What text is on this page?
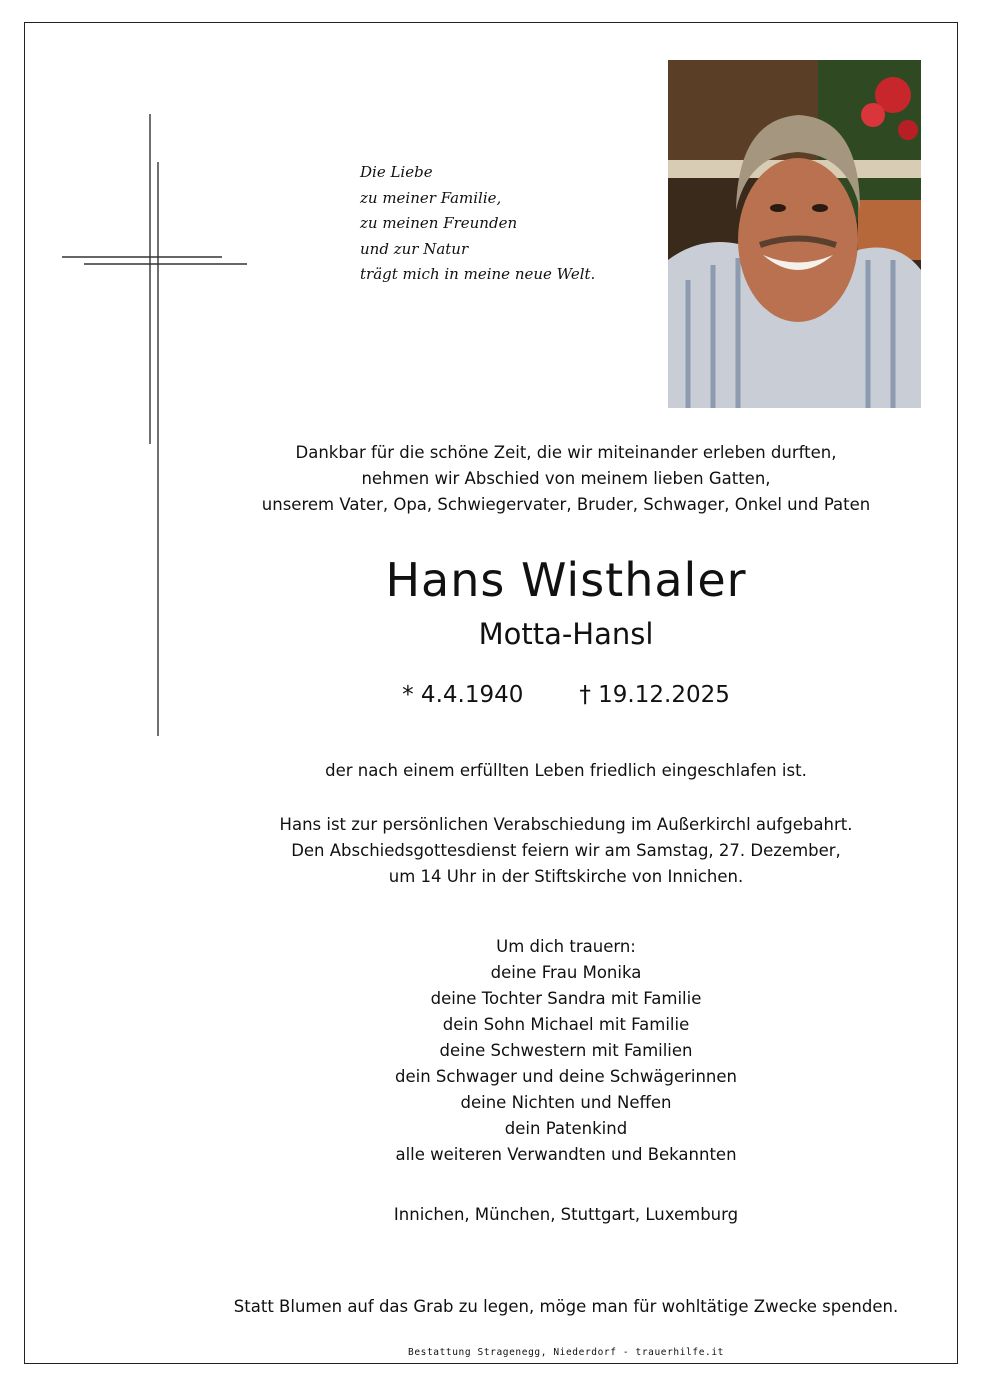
Die Liebe
zu meiner Familie,
zu meinen Freunden
und zur Natur
trägt mich in meine neue Welt.
Dankbar für die schöne Zeit, die wir miteinander erleben durften,
nehmen wir Abschied von meinem lieben Gatten,
unserem Vater, Opa, Schwiegervater, Bruder, Schwager, Onkel und Paten
Hans Wisthaler
Motta-Hansl
* 4.4.1940 † 19.12.2025
der nach einem erfüllten Leben friedlich eingeschlafen ist.
Hans ist zur persönlichen Verabschiedung im Außerkirchl aufgebahrt.
Den Abschiedsgottesdienst feiern wir am Samstag, 27. Dezember,
um 14 Uhr in der Stiftskirche von Innichen.
Um dich trauern:
deine Frau Monika
deine Tochter Sandra mit Familie
dein Sohn Michael mit Familie
deine Schwestern mit Familien
dein Schwager und deine Schwägerinnen
deine Nichten und Neffen
dein Patenkind
alle weiteren Verwandten und Bekannten
Innichen, München, Stuttgart, Luxemburg
Statt Blumen auf das Grab zu legen, möge man für wohltätige Zwecke spenden.
Bestattung Stragenegg, Niederdorf - trauerhilfe.it
